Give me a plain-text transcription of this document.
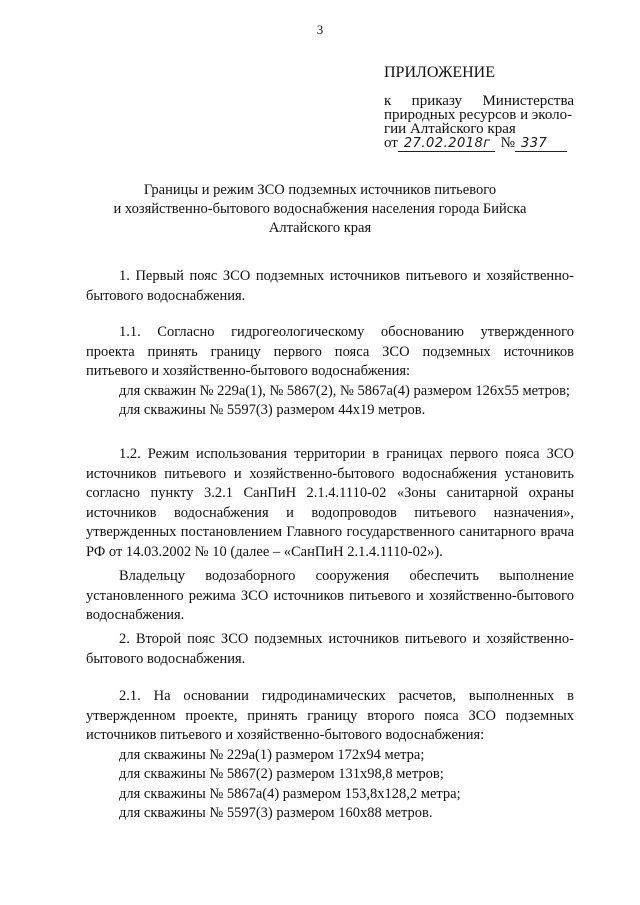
3
ПРИЛОЖЕНИЕ
к приказу Министерства
природных ресурсов и эколо-
гии Алтайского края
от 27.02.2018г № 337
Границы и режим ЗСО подземных источников питьевого
и хозяйственно-бытового водоснабжения населения города Бийска
Алтайского края

1. Первый пояс ЗСО подземных источников питьевого и хозяйственно-бытового водоснабжения.

1.1. Согласно гидрогеологическому обоснованию утвержденного проекта принять границу первого пояса ЗСО подземных источников питьевого и хозяйственно-бытового водоснабжения:

для скважин № 229а(1), № 5867(2), № 5867а(4) размером 126х55 метров;

для скважины № 5597(3) размером 44х19 метров.

1.2. Режим использования территории в границах первого пояса ЗСО источников питьевого и хозяйственно-бытового водоснабжения установить согласно пункту 3.2.1 СанПиН 2.1.4.1110-02 «Зоны санитарной охраны источников водоснабжения и водопроводов питьевого назначения», утвержденных постановлением Главного государственного санитарного врача РФ от 14.03.2002 № 10 (далее – «СанПиН 2.1.4.1110-02»).

Владельцу водозаборного сооружения обеспечить выполнение установленного режима ЗСО источников питьевого и хозяйственно-бытового водоснабжения.

2. Второй пояс ЗСО подземных источников питьевого и хозяйственно-бытового водоснабжения.

2.1. На основании гидродинамических расчетов, выполненных в утвержденном проекте, принять границу второго пояса ЗСО подземных источников питьевого и хозяйственно-бытового водоснабжения:

для скважины № 229а(1) размером 172х94 метра;

для скважины № 5867(2) размером 131х98,8 метров;

для скважины № 5867а(4) размером 153,8х128,2 метра;

для скважины № 5597(3) размером 160х88 метров.
